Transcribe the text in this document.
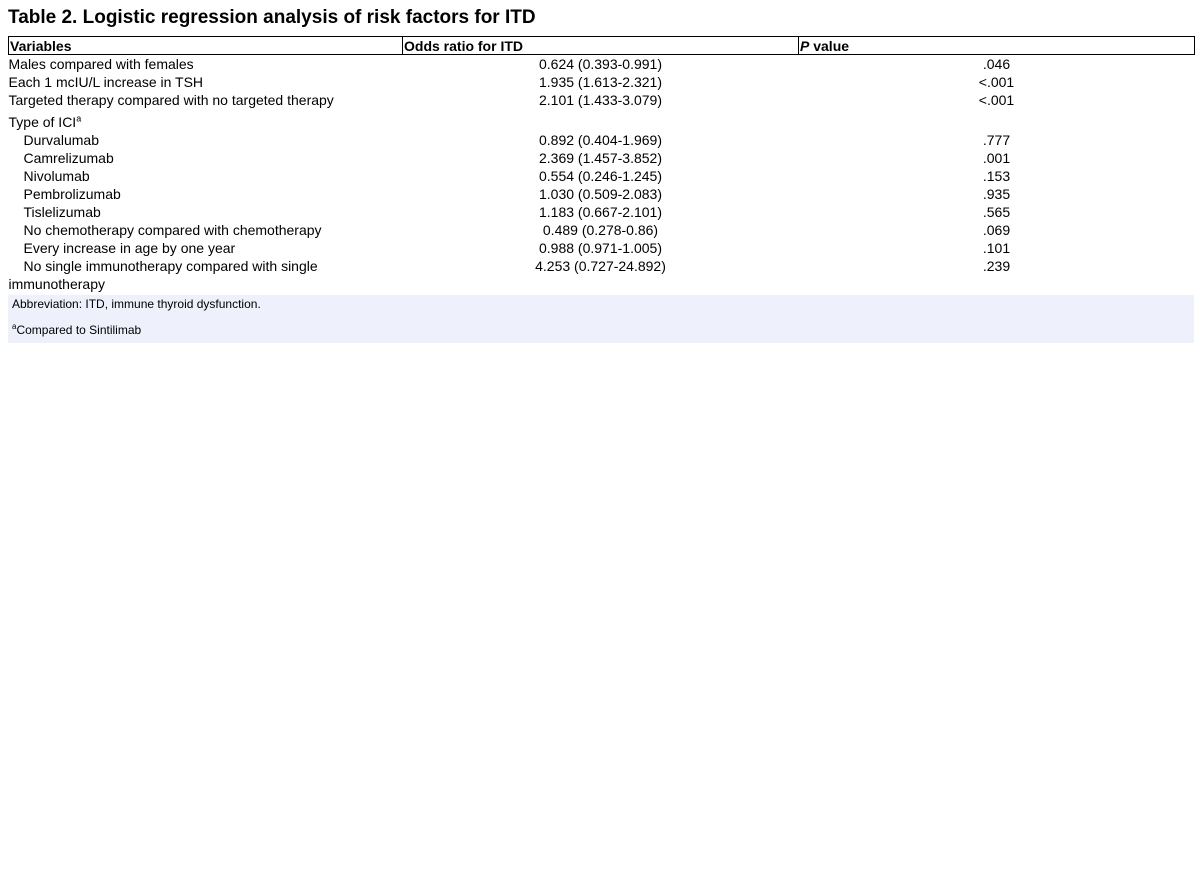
Table 2. Logistic regression analysis of risk factors for ITD
Variables	Odds ratio for ITD	P value
Males compared with females	0.624 (0.393-0.991)	.046
Each 1 mcIU/L increase in TSH	1.935 (1.613-2.321)	<.001
Targeted therapy compared with no targeted therapy	2.101 (1.433-3.079)	<.001

Type of ICI$^a$		
Durvalumab	0.892 (0.404-1.969)	.777
Camrelizumab	2.369 (1.457-3.852)	.001
Nivolumab	0.554 (0.246-1.245)	.153
Pembrolizumab	1.030 (0.509-2.083)	.935
Tislelizumab	1.183 (0.667-2.101)	.565
No chemotherapy compared with chemotherapy	0.489 (0.278-0.86)	.069
Every increase in age by one year	0.988 (0.971-1.005)	.101

No single immunotherapy compared with single
immunotherapy	4.253 (0.727-24.892)	.239
Abbreviation: ITD, immune thyroid dysfunction.
$^a$Compared to Sintilimab
